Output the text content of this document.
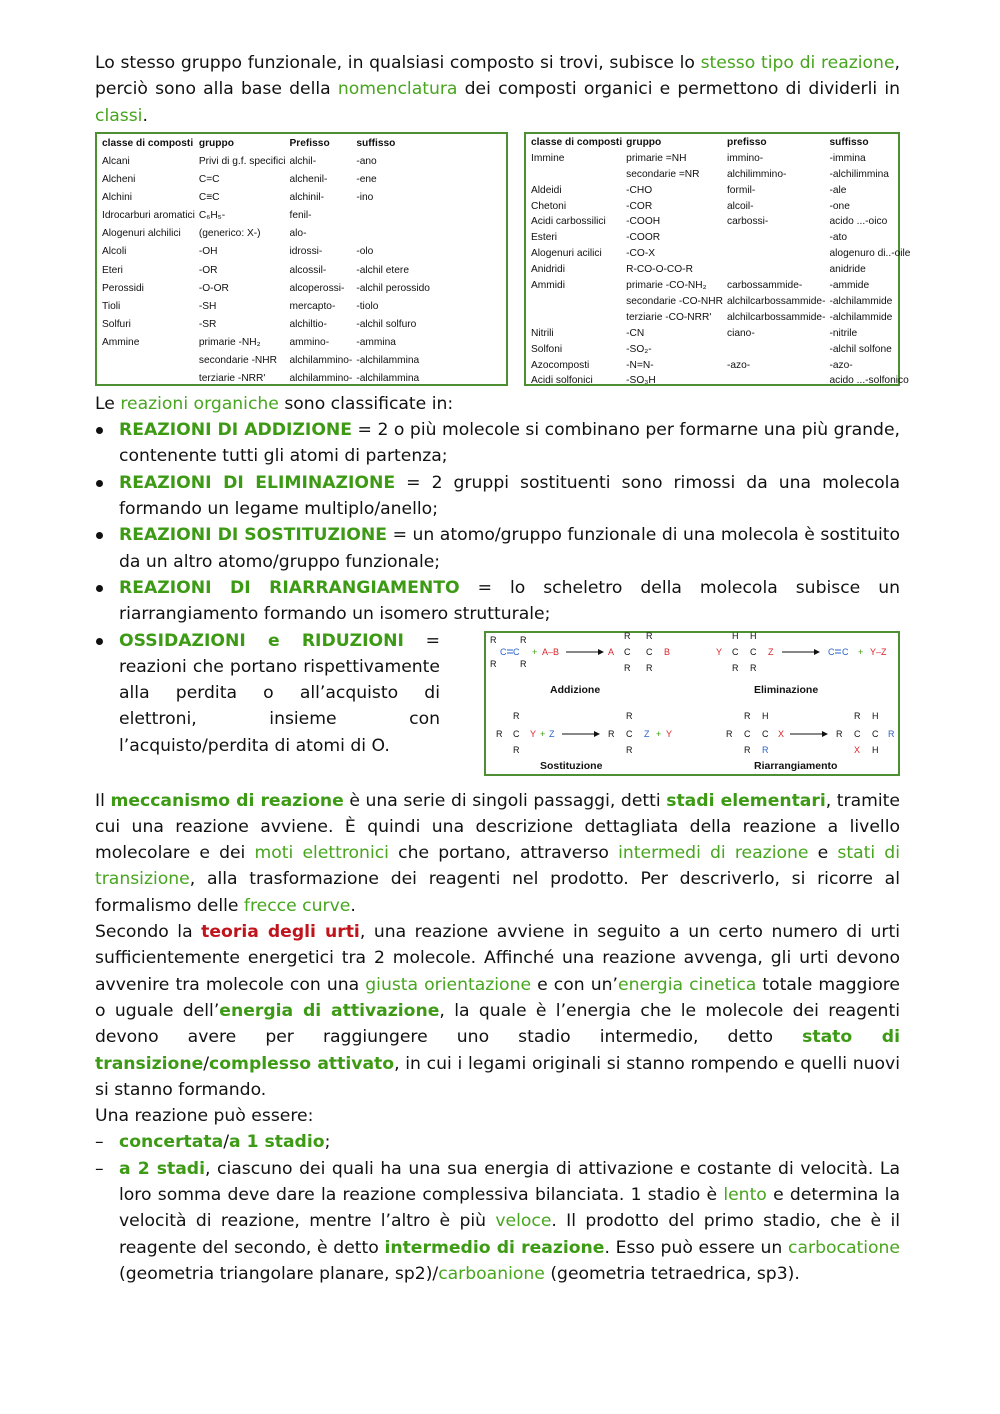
Lo stesso gruppo funzionale, in qualsiasi composto si trovi, subisce lo stesso tipo di reazione, perciò sono alla base della nomenclatura dei composti organici e permettono di dividerli in classi.

classe di composti	gruppo	Prefisso	suffisso
Alcani	Privi di g.f. specifici	alchil-	-ano
Alcheni	C=C	alchenil-	-ene
Alchini	C≡C	alchinil-	-ino
Idrocarburi aromatici	C₆H₅-	fenil-	
Alogenuri alchilici	(generico: X-)	alo-	
Alcoli	-OH	idrossi-	-olo
Eteri	-OR	alcossil-	-alchil etere
Perossidi	-O-OR	alcoperossi-	-alchil perossido
Tioli	-SH	mercapto-	-tiolo
Solfuri	-SR	alchiltio-	-alchil solfuro
Ammine	primarie -NH₂	ammino-	-ammina
	secondarie -NHR	alchilammino-	-alchilammina
	terziarie -NRR'	alchilammino-	-alchilammina
classe di composti	gruppo	prefisso	suffisso
Immine	primarie =NH	immino-	-immina
	secondarie =NR	alchilimmino-	-alchilimmina
Aldeidi	-CHO	formil-	-ale
Chetoni	-COR	alcoil-	-one
Acidi carbossilici	-COOH	carbossi-	acido ...-oico
Esteri	-COOR		-ato
Alogenuri acilici	-CO-X		alogenuro di..-oile
Anidridi	R-CO-O-CO-R		anidride
Ammidi	primarie -CO-NH₂	carbossammide-	-ammide
	secondarie -CO-NHR	alchilcarbossammide-	-alchilammide
	terziarie -CO-NRR'	alchilcarbossammide-	-alchilammide
Nitrili	-CN	ciano-	-nitrile
Solfoni	-SO₂-		-alchil solfone
Azocomposti	-N=N-	-azo-	-azo-
Acidi solfonici	-SO₃H		acido ...-solfonico

Le reazioni organiche sono classificate in:

REAZIONI DI ADDIZIONE = 2 o più molecole si combinano per formarne una più grande, contenente tutti gli atomi di partenza;
REAZIONI DI ELIMINAZIONE = 2 gruppi sostituenti sono rimossi da una molecola formando un legame multiplo/anello;
REAZIONI DI SOSTITUZIONE = un atomo/gruppo funzionale di una molecola è sostituito da un altro atomo/gruppo funzionale;
REAZIONI DI RIARRANGIAMENTO = lo scheletro della molecola subisce un riarrangiamento formando un isomero strutturale;
OSSIDAZIONI e RIDUZIONI = reazioni che portano rispettivamente alla perdita o all’acquisto di elettroni, insieme con l’acquisto/perdita di atomi di O.
R	R
R	R
C C + A–B	A C C B
R R
R R
Addizione
Y C C Z
H H
R R
C C + Y–Z
Eliminazione
R C
R
R
Y + Z	R C
R
R
Z + Y
Sostituzione
R C C X
R H
R R
R C C R
R H
X H
Riarrangiamento

Il meccanismo di reazione è una serie di singoli passaggi, detti stadi elementari, tramite cui una reazione avviene. È quindi una descrizione dettagliata della reazione a livello molecolare e dei moti elettronici che portano, attraverso intermedi di reazione e stati di transizione, alla trasformazione dei reagenti nel prodotto. Per descriverlo, si ricorre al formalismo delle frecce curve.

Secondo la teoria degli urti, una reazione avviene in seguito a un certo numero di urti sufficientemente energetici tra 2 molecole. Affinché una reazione avvenga, gli urti devono avvenire tra molecole con una giusta orientazione e con un’energia cinetica totale maggiore o uguale dell’energia di attivazione, la quale è l’energia che le molecole dei reagenti devono avere per raggiungere uno stadio intermedio, detto stato di transizione/complesso attivato, in cui i legami originali si stanno rompendo e quelli nuovi si stanno formando.

Una reazione può essere:

– concertata/a 1 stadio;
– a 2 stadi, ciascuno dei quali ha una sua energia di attivazione e costante di velocità. La loro somma deve dare la reazione complessiva bilanciata. 1 stadio è lento e determina la velocità di reazione, mentre l’altro è più veloce. Il prodotto del primo stadio, che è il reagente del secondo, è detto intermedio di reazione. Esso può essere un carbocatione (geometria triangolare planare, sp2)/carboanione (geometria tetraedrica, sp3).
